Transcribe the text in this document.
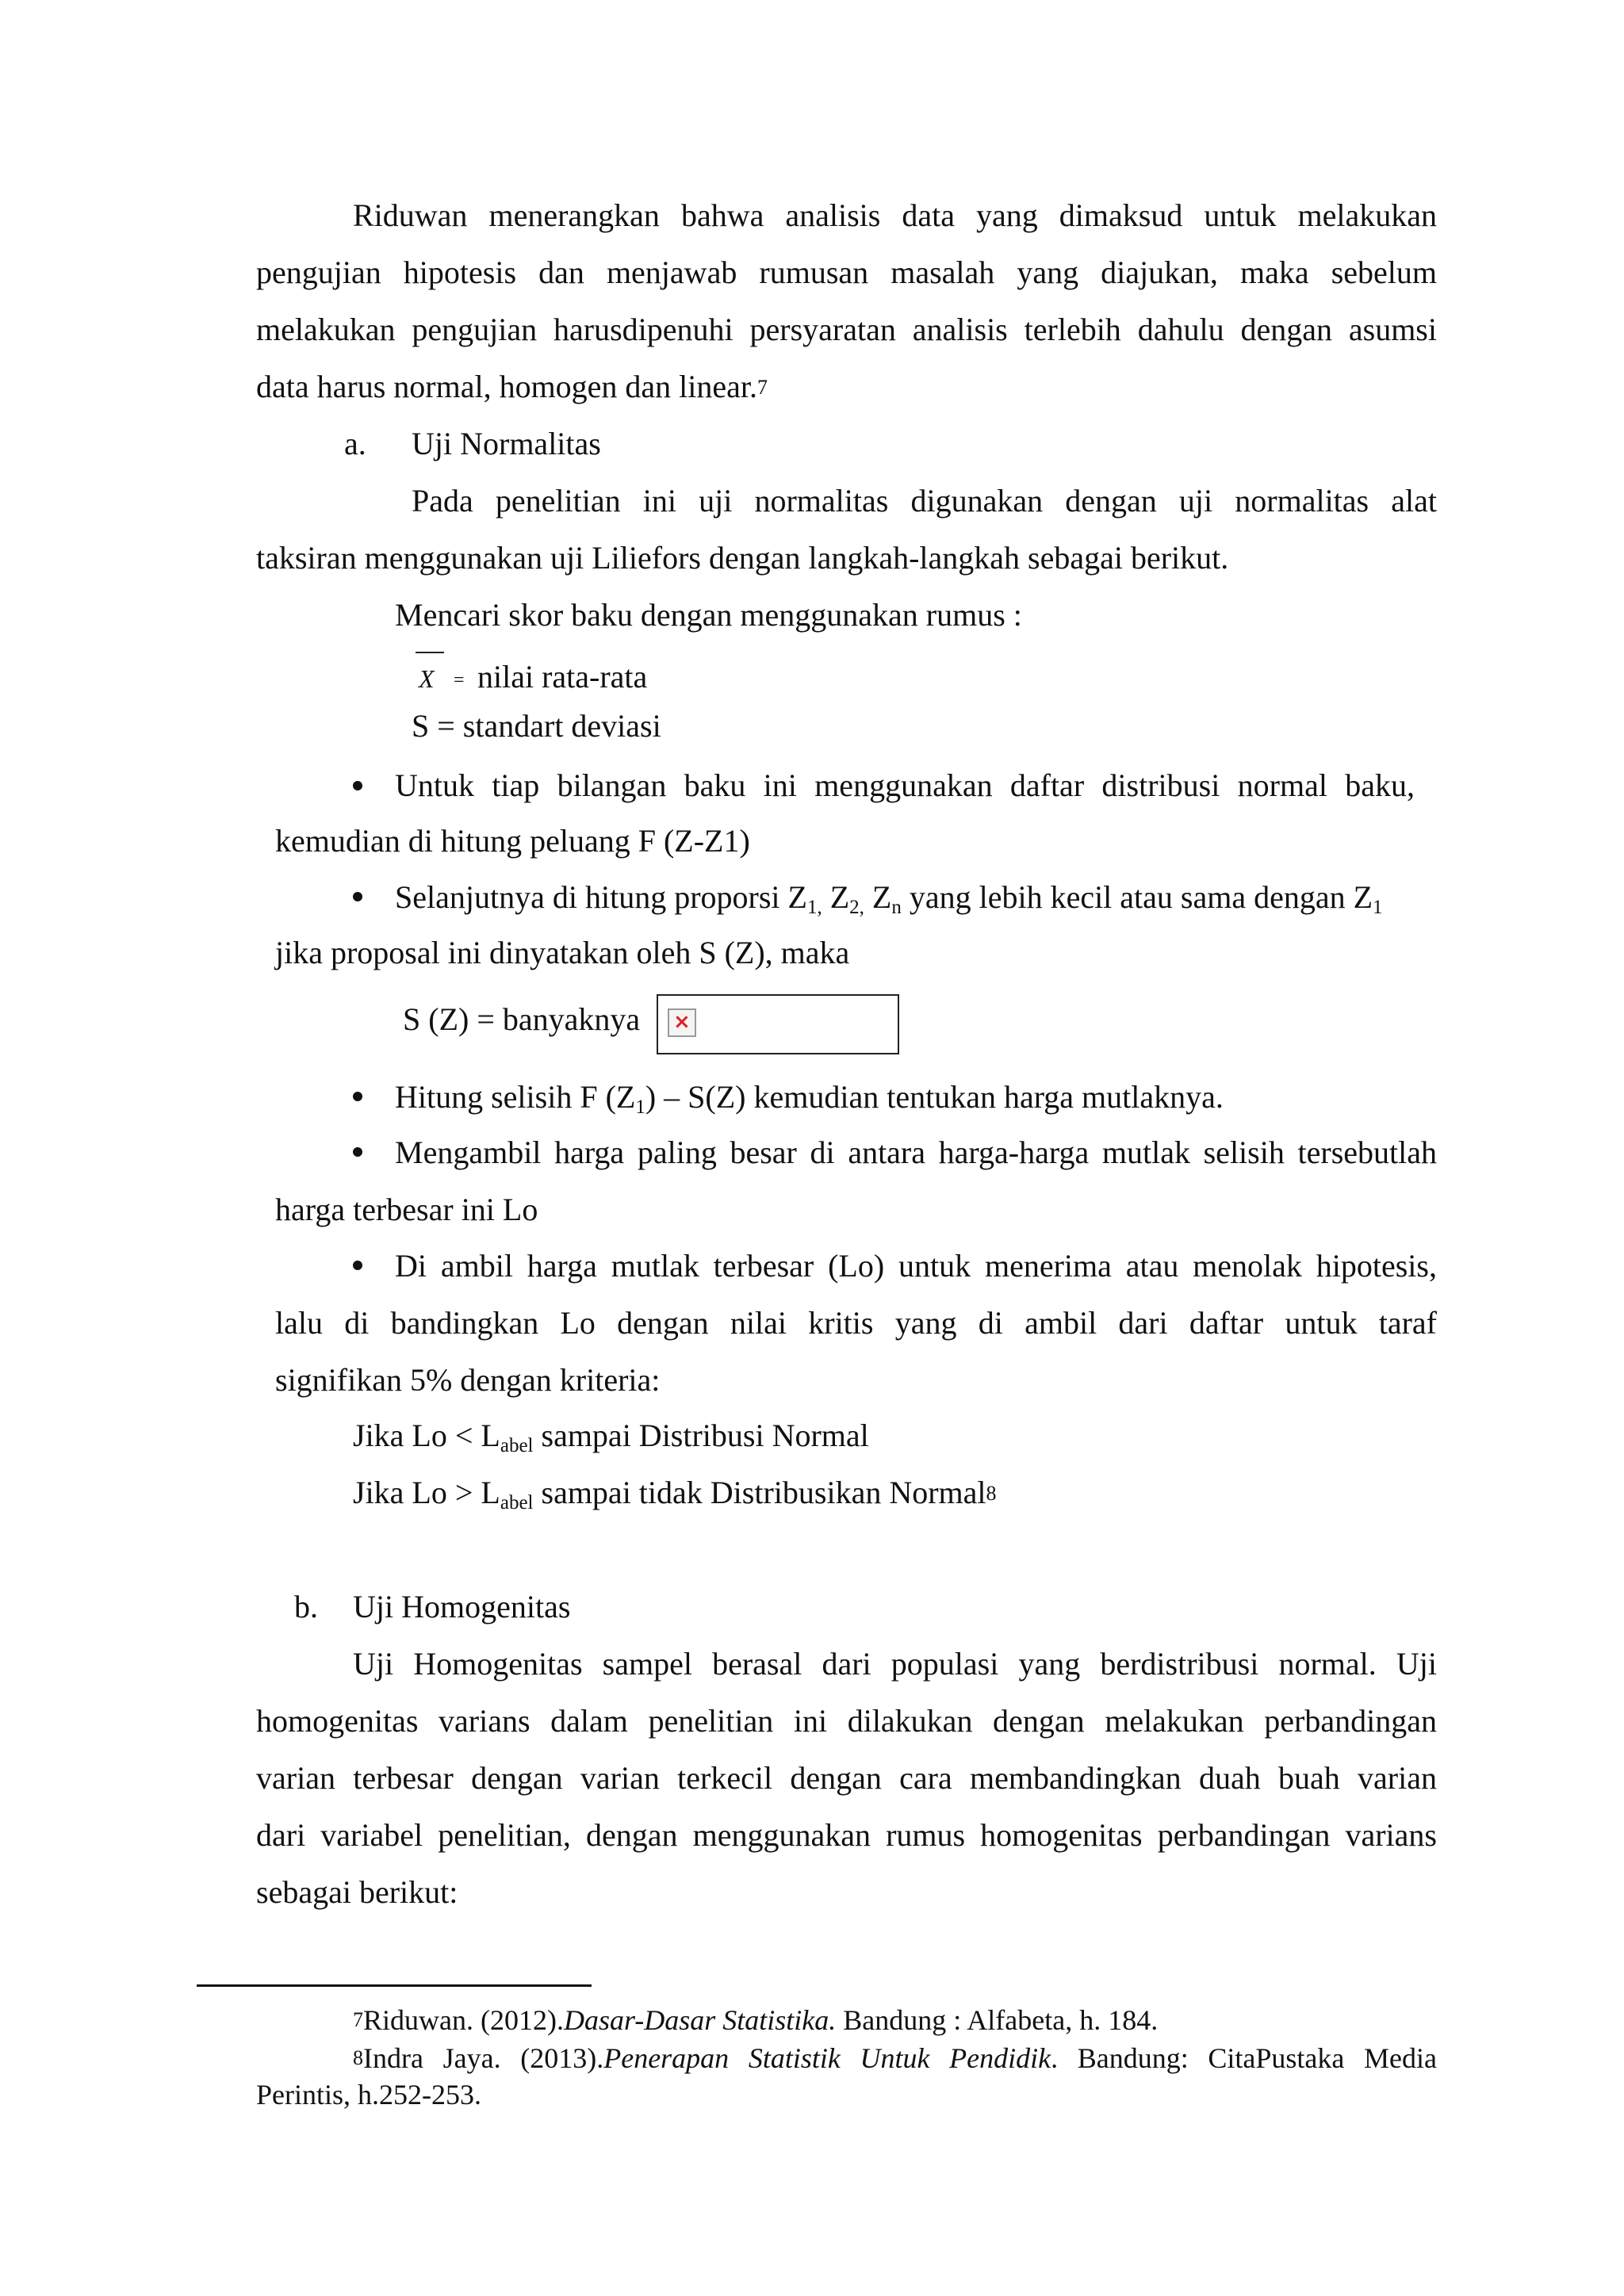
Riduwan menerangkan bahwa analisis data yang dimaksud untuk melakukan
pengujian hipotesis dan menjawab rumusan masalah yang diajukan, maka sebelum
melakukan pengujian harusdipenuhi persyaratan analisis terlebih dahulu dengan asumsi
data harus normal, homogen dan linear.$^7$
a. Uji Normalitas
Pada penelitian ini uji normalitas digunakan dengan uji normalitas alat
taksiran menggunakan uji Liliefors dengan langkah-langkah sebagai berikut.
Mencari skor baku dengan menggunakan rumus :
X = nilai rata-rata
S = standart deviasi
Untuk tiap bilangan baku ini menggunakan daftar distribusi normal baku,
kemudian di hitung peluang F (Z-Z1)
Selanjutnya di hitung proporsi $Z_{1,}$ $Z_{2,}$ $Z_n$ yang lebih kecil atau sama dengan $Z_1$
jika proposal ini dinyatakan oleh S (Z), maka
S (Z) = banyaknya ×
Hitung selisih F $(Z_1) - S(Z)$ kemudian tentukan harga mutlaknya.
Mengambil harga paling besar di antara harga-harga mutlak selisih tersebutlah
harga terbesar ini Lo
Di ambil harga mutlak terbesar (Lo) untuk menerima atau menolak hipotesis,
lalu di bandingkan Lo dengan nilai kritis yang di ambil dari daftar untuk taraf
signifikan 5% dengan kriteria:
Jika $Lo < L_{abel}$ sampai Distribusi Normal
Jika $Lo > L_{abel}$ sampai tidak Distribusikan Normal$^8$
b. Uji Homogenitas
Uji Homogenitas sampel berasal dari populasi yang berdistribusi normal. Uji
homogenitas varians dalam penelitian ini dilakukan dengan melakukan perbandingan
varian terbesar dengan varian terkecil dengan cara membandingkan duah buah varian
dari variabel penelitian, dengan menggunakan rumus homogenitas perbandingan varians
sebagai berikut:
$^7$Riduwan. (2012).Dasar-Dasar Statistika. Bandung : Alfabeta, h. 184.
$^8$Indra Jaya. (2013).Penerapan Statistik Untuk Pendidik. Bandung: CitaPustaka Media
Perintis, h.252-253.
